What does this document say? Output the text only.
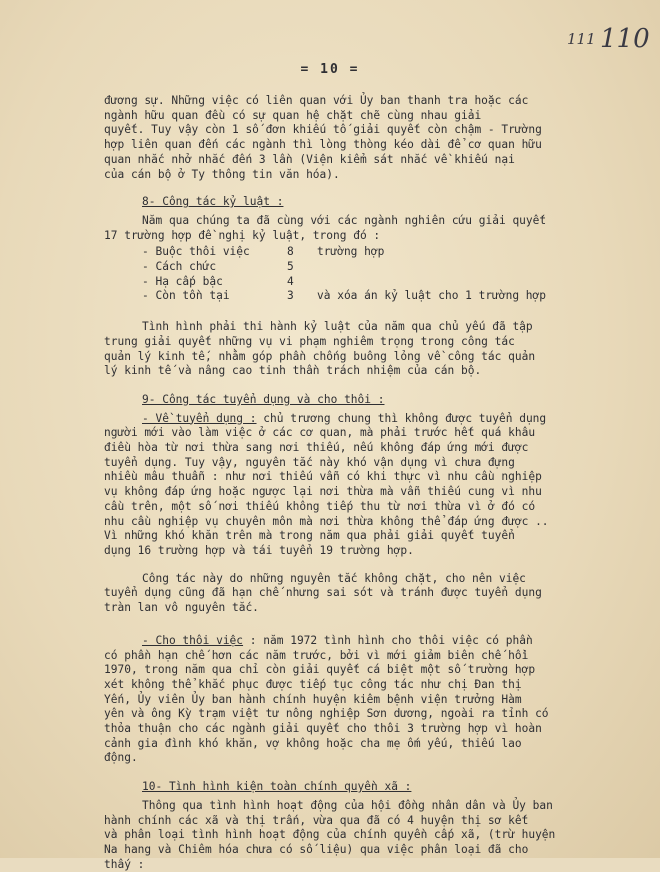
111 110
= 10 =
đương sự. Những việc có liên quan với Ủy ban thanh tra hoặc các
ngành hữu quan đều có sự quan hệ chặt chẽ cùng nhau giải
quyết. Tuy vậy còn 1 số đơn khiếu tố giải quyết còn chậm - Trường
hợp liên quan đến các ngành thì lòng thòng kéo dài để cơ quan hữu
quan nhắc nhở nhắc đến 3 lần (Viện kiểm sát nhắc về khiếu nại
của cán bộ ở Ty thông tin văn hóa).
8- Công tác kỷ luật :
Năm qua chúng ta đã cùng với các ngành nghiên cứu giải quyết
17 trường hợp đề nghị kỷ luật, trong đó :
- Buộc thôi việc	8	trường hợp
- Cách chức	5
- Hạ cấp bậc	4
- Còn tồn tại	3	và xóa án kỷ luật cho 1 trường hợp
Tình hình phải thi hành kỷ luật của năm qua chủ yếu đã tập
trung giải quyết những vụ vi phạm nghiêm trọng trong công tác
quản lý kinh tế, nhằm góp phần chống buông lỏng về công tác quản
lý kinh tế và nâng cao tinh thần trách nhiệm của cán bộ.
9- Công tác tuyển dụng và cho thôi :
- Về tuyển dụng : chủ trương chung thì không được tuyển dụng
người mới vào làm việc ở các cơ quan, mà phải trước hết quá khâu
điều hòa từ nơi thừa sang nơi thiếu, nếu không đáp ứng mới được
tuyển dụng. Tuy vậy, nguyên tắc này khó vận dụng vì chưa đựng
nhiều mâu thuẫn : như nơi thiếu vẫn có khi thực vì nhu cầu nghiệp
vụ không đáp ứng hoặc ngược lại nơi thừa mà vẫn thiếu cung vì nhu
cầu trên, một số nơi thiếu không tiếp thu từ nơi thừa vì ở đó có
nhu cầu nghiệp vụ chuyên môn mà nơi thừa không thể đáp ứng được ..
Vì những khó khăn trên mà trong năm qua phải giải quyết tuyển
dụng 16 trường hợp và tái tuyển 19 trường hợp.
Công tác này do những nguyên tắc không chặt, cho nên việc
tuyển dụng cũng đã hạn chế nhưng sai sót và tránh được tuyển dụng
tràn lan vô nguyên tắc.
- Cho thôi việc : năm 1972 tình hình cho thôi việc có phần
có phần hạn chế hơn các năm trước, bởi vì mới giảm biên chế hồi
1970, trong năm qua chỉ còn giải quyết cá biệt một số trường hợp
xét không thể khắc phục được tiếp tục công tác như chị Đan thị
Yến, Ủy viên Ủy ban hành chính huyện kiêm bệnh viện trưởng Hàm
yên và ông Kỳ trạm việt tư nông nghiệp Sơn dương, ngoài ra tỉnh có
thỏa thuận cho các ngành giải quyết cho thôi 3 trường hợp vì hoàn
cảnh gia đình khó khăn, vợ không hoặc cha mẹ ốm yếu, thiếu lao
động.
10- Tình hình kiện toàn chính quyền xã :
Thông qua tình hình hoạt động của hội đồng nhân dân và Ủy ban
hành chính các xã và thị trấn, vừa qua đã có 4 huyện thị sơ kết
và phân loại tình hình hoạt động của chính quyền cấp xã, (trừ huyện
Na hang và Chiêm hóa chưa có số liệu) qua việc phân loại đã cho
thấy :
